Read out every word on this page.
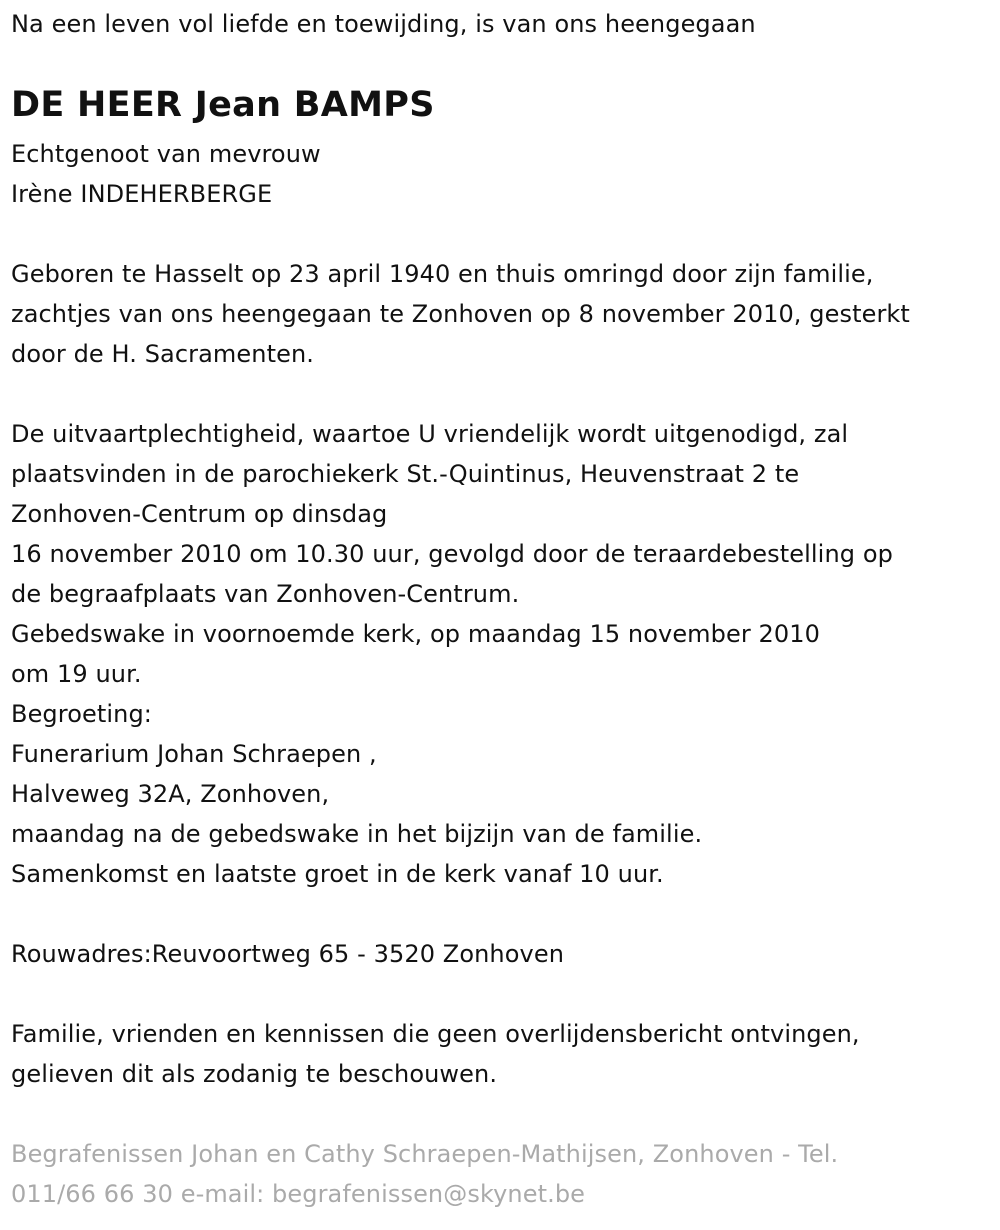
Na een leven vol liefde en toewijding, is van ons heengegaan
DE HEER Jean BAMPS
Echtgenoot van mevrouw
Irène INDEHERBERGE
Geboren te Hasselt op 23 april 1940 en thuis omringd door zijn familie,
zachtjes van ons heengegaan te Zonhoven op 8 november 2010, gesterkt
door de H. Sacramenten.
De uitvaartplechtigheid, waartoe U vriendelijk wordt uitgenodigd, zal
plaatsvinden in de parochiekerk St.-Quintinus, Heuvenstraat 2 te
Zonhoven-Centrum op dinsdag
16 november 2010 om 10.30 uur, gevolgd door de teraardebestelling op
de begraafplaats van Zonhoven-Centrum.
Gebedswake in voornoemde kerk, op maandag 15 november 2010
om 19 uur.
Begroeting:
Funerarium Johan Schraepen ,
Halveweg 32A, Zonhoven,
maandag na de gebedswake in het bijzijn van de familie.
Samenkomst en laatste groet in de kerk vanaf 10 uur.
Rouwadres:Reuvoortweg 65 - 3520 Zonhoven
Familie, vrienden en kennissen die geen overlijdensbericht ontvingen,
gelieven dit als zodanig te beschouwen.
Begrafenissen Johan en Cathy Schraepen-Mathijsen, Zonhoven - Tel.
011/66 66 30 e-mail: begrafenissen@skynet.be
